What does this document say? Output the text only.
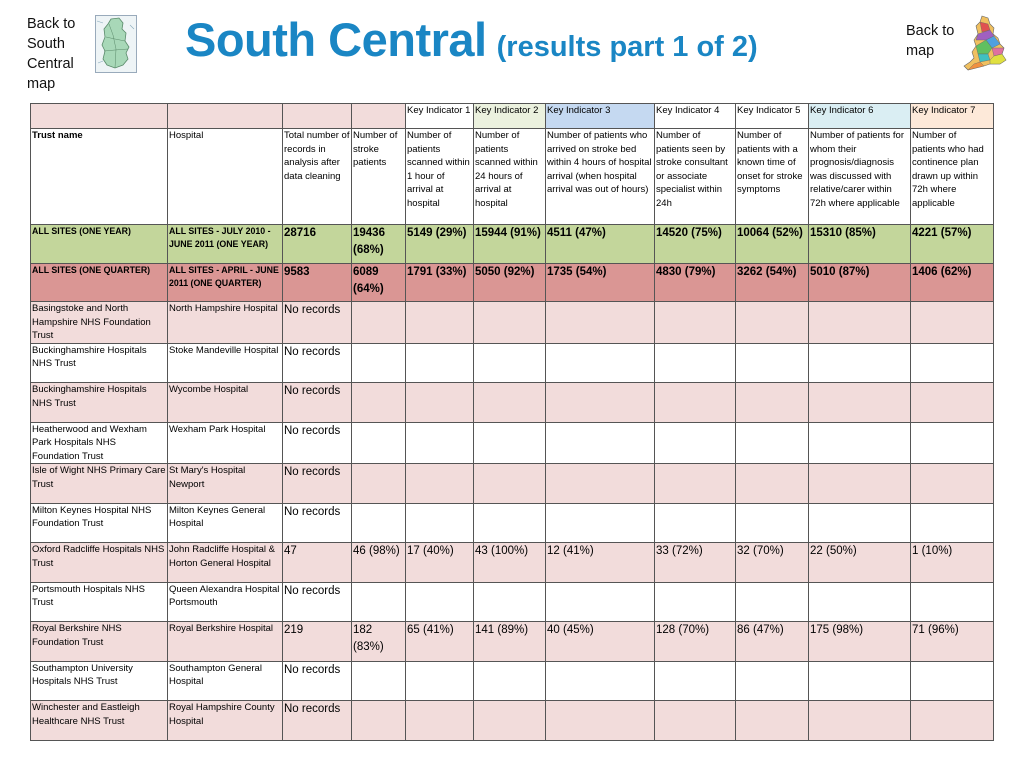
Back to South Central map
South Central (results part 1 of 2)	Back to map
				Key Indicator 1	Key Indicator 2	Key Indicator 3	Key Indicator 4	Key Indicator 5	Key Indicator 6	Key Indicator 7
Trust name	Hospital	Total number of records in analysis after data cleaning	Number of stroke patients	Number of patients scanned within 1 hour of arrival at hospital	Number of patients scanned within 24 hours of arrival at hospital	Number of patients who arrived on stroke bed within 4 hours of hospital arrival (when hospital arrival was out of hours)	Number of patients seen by stroke consultant or associate specialist within 24h	Number of patients with a known time of onset for stroke symptoms	Number of patients for whom their prognosis/diagnosis was discussed with relative/carer within 72h where applicable	Number of patients who had continence plan drawn up within 72h where applicable
ALL SITES (ONE YEAR)	ALL SITES - JULY 2010 - JUNE 2011 (ONE YEAR)	28716	19436 (68%)	5149 (29%)	15944 (91%)	4511 (47%)	14520 (75%)	10064 (52%)	15310 (85%)	4221 (57%)
ALL SITES (ONE QUARTER)	ALL SITES - APRIL - JUNE 2011 (ONE QUARTER)	9583	6089 (64%)	1791 (33%)	5050 (92%)	1735 (54%)	4830 (79%)	3262 (54%)	5010 (87%)	1406 (62%)
Basingstoke and North Hampshire NHS Foundation Trust	North Hampshire Hospital	No records								
Buckinghamshire Hospitals NHS Trust	Stoke Mandeville Hospital	No records								
Buckinghamshire Hospitals NHS Trust	Wycombe Hospital	No records								
Heatherwood and Wexham Park Hospitals NHS Foundation Trust	Wexham Park Hospital	No records								
Isle of Wight NHS Primary Care Trust	St Mary's Hospital Newport	No records								
Milton Keynes Hospital NHS Foundation Trust	Milton Keynes General Hospital	No records								
Oxford Radcliffe Hospitals NHS Trust	John Radcliffe Hospital & Horton General Hospital	47	46 (98%)	17 (40%)	43 (100%)	12 (41%)	33 (72%)	32 (70%)	22 (50%)	1 (10%)
Portsmouth Hospitals NHS Trust	Queen Alexandra Hospital Portsmouth	No records								
Royal Berkshire NHS Foundation Trust	Royal Berkshire Hospital	219	182 (83%)	65 (41%)	141 (89%)	40 (45%)	128 (70%)	86 (47%)	175 (98%)	71 (96%)
Southampton University Hospitals NHS Trust	Southampton General Hospital	No records								
Winchester and Eastleigh Healthcare NHS Trust	Royal Hampshire County Hospital	No records								
